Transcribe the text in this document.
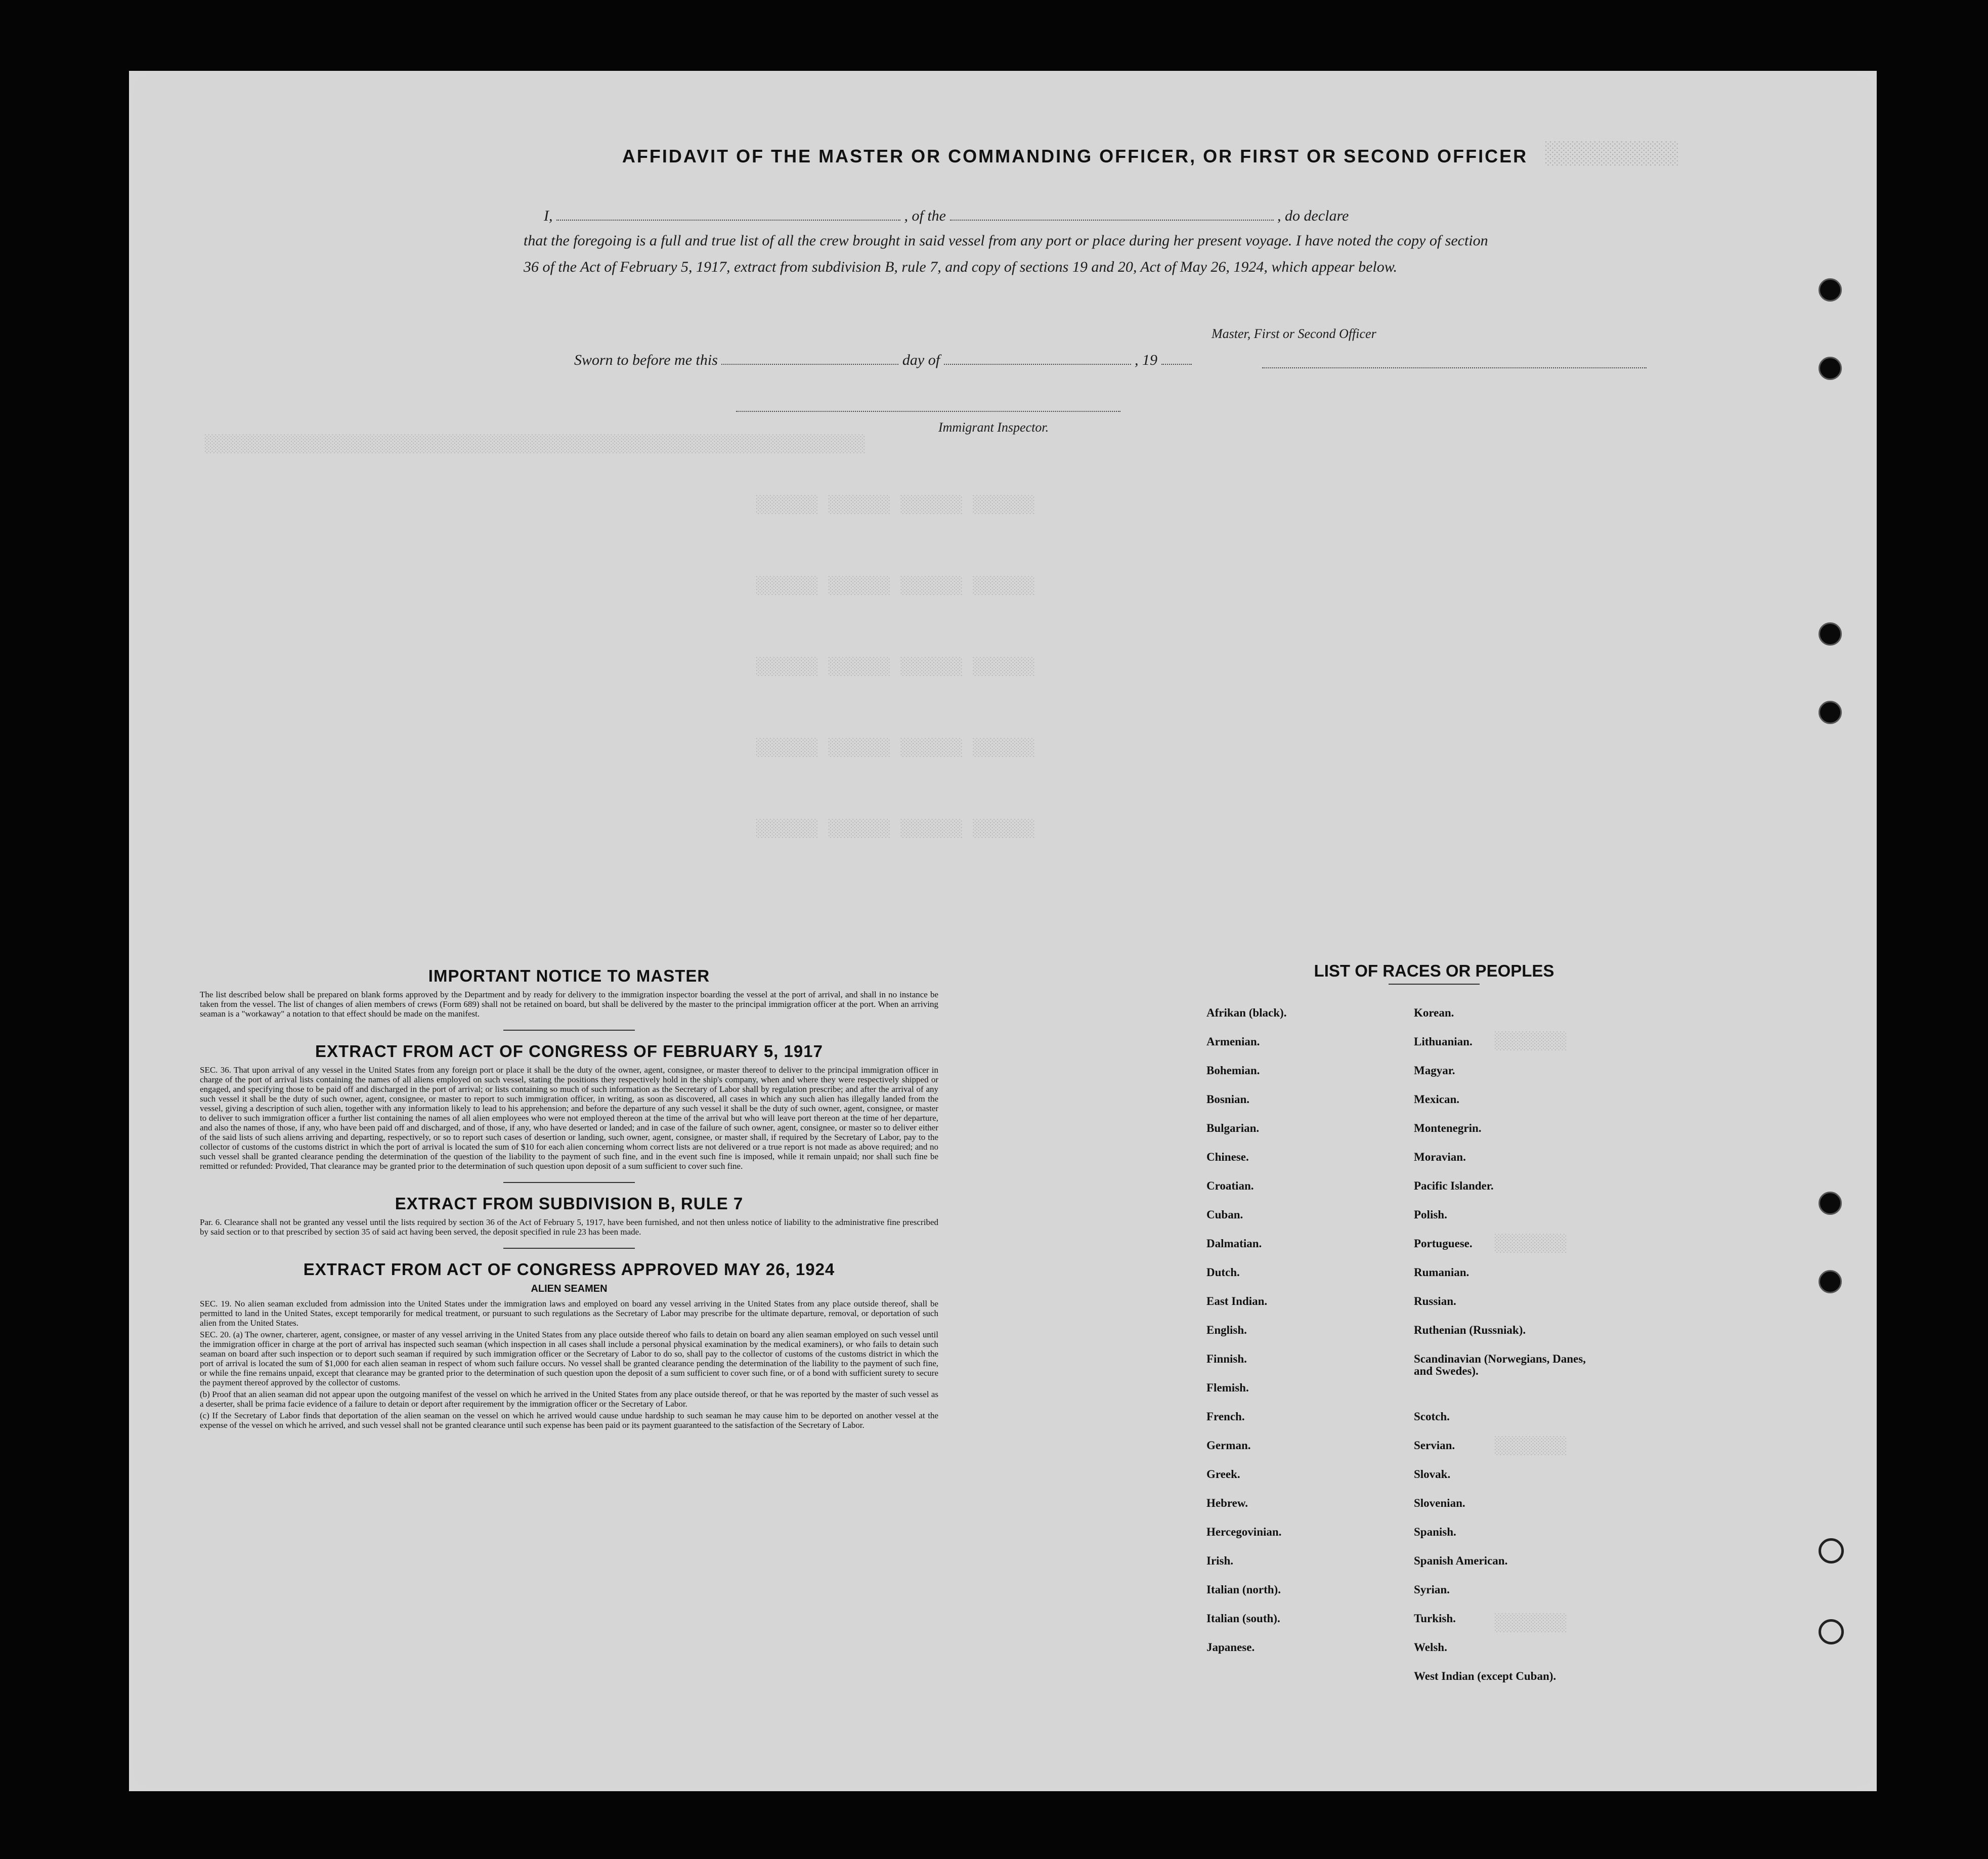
░░░░░░░░░░
░░░░░░░░░░░░░░░░░░░░░░░░░░░░░░░░░░░░░░░░░░░░░░░░░░░░░░░░░░░░░░░░
░░░░░░ ░░░░░░ ░░░░░░ ░░░░░░
░░░░░░ ░░░░░░ ░░░░░░ ░░░░░░
░░░░░░ ░░░░░░ ░░░░░░ ░░░░░░
░░░░░░ ░░░░░░ ░░░░░░ ░░░░░░
░░░░░░ ░░░░░░ ░░░░░░ ░░░░░░
░░░░░░░
░░░░░░░
░░░░░░░
░░░░░░░
AFFIDAVIT OF THE MASTER OR COMMANDING OFFICER, OR FIRST OR SECOND OFFICER
I,	, of the	, do declare
that the foregoing is a full and true list of all the crew brought in said vessel from any port or place during her present voyage. I have noted the copy of section 36 of the Act of February 5, 1917, extract from subdivision B, rule 7, and copy of sections 19 and 20, Act of May 26, 1924, which appear below.
Master, First or Second Officer
Sworn to before me this	day of	, 19
Immigrant Inspector.
IMPORTANT NOTICE TO MASTER

The list described below shall be prepared on blank forms approved by the Department and by ready for delivery to the immigration inspector boarding the vessel at the port of arrival, and shall in no instance be taken from the vessel. The list of changes of alien members of crews (Form 689) shall not be retained on board, but shall be delivered by the master to the principal immigration officer at the port. When an arriving seaman is a "workaway" a notation to that effect should be made on the manifest.

EXTRACT FROM ACT OF CONGRESS OF FEBRUARY 5, 1917

SEC. 36. That upon arrival of any vessel in the United States from any foreign port or place it shall be the duty of the owner, agent, consignee, or master thereof to deliver to the principal immigration officer in charge of the port of arrival lists containing the names of all aliens employed on such vessel, stating the positions they respectively hold in the ship's company, when and where they were respectively shipped or engaged, and specifying those to be paid off and discharged in the port of arrival; or lists containing so much of such information as the Secretary of Labor shall by regulation prescribe; and after the arrival of any such vessel it shall be the duty of such owner, agent, consignee, or master to report to such immigration officer, in writing, as soon as discovered, all cases in which any such alien has illegally landed from the vessel, giving a description of such alien, together with any information likely to lead to his apprehension; and before the departure of any such vessel it shall be the duty of such owner, agent, consignee, or master to deliver to such immigration officer a further list containing the names of all alien employees who were not employed thereon at the time of the arrival but who will leave port thereon at the time of her departure, and also the names of those, if any, who have been paid off and discharged, and of those, if any, who have deserted or landed; and in case of the failure of such owner, agent, consignee, or master so to deliver either of the said lists of such aliens arriving and departing, respectively, or so to report such cases of desertion or landing, such owner, agent, consignee, or master shall, if required by the Secretary of Labor, pay to the collector of customs of the customs district in which the port of arrival is located the sum of $10 for each alien concerning whom correct lists are not delivered or a true report is not made as above required; and no such vessel shall be granted clearance pending the determination of the question of the liability to the payment of such fine, and in the event such fine is imposed, while it remain unpaid; nor shall such fine be remitted or refunded: Provided, That clearance may be granted prior to the determination of such question upon deposit of a sum sufficient to cover such fine.

EXTRACT FROM SUBDIVISION B, RULE 7

Par. 6. Clearance shall not be granted any vessel until the lists required by section 36 of the Act of February 5, 1917, have been furnished, and not then unless notice of liability to the administrative fine prescribed by said section or to that prescribed by section 35 of said act having been served, the deposit specified in rule 23 has been made.

EXTRACT FROM ACT OF CONGRESS APPROVED MAY 26, 1924
ALIEN SEAMEN

SEC. 19. No alien seaman excluded from admission into the United States under the immigration laws and employed on board any vessel arriving in the United States from any place outside thereof, shall be permitted to land in the United States, except temporarily for medical treatment, or pursuant to such regulations as the Secretary of Labor may prescribe for the ultimate departure, removal, or deportation of such alien from the United States.

SEC. 20. (a) The owner, charterer, agent, consignee, or master of any vessel arriving in the United States from any place outside thereof who fails to detain on board any alien seaman employed on such vessel until the immigration officer in charge at the port of arrival has inspected such seaman (which inspection in all cases shall include a personal physical examination by the medical examiners), or who fails to detain such seaman on board after such inspection or to deport such seaman if required by such immigration officer or the Secretary of Labor to do so, shall pay to the collector of customs of the customs district in which the port of arrival is located the sum of $1,000 for each alien seaman in respect of whom such failure occurs. No vessel shall be granted clearance pending the determination of the liability to the payment of such fine, or while the fine remains unpaid, except that clearance may be granted prior to the determination of such question upon the deposit of a sum sufficient to cover such fine, or of a bond with sufficient surety to secure the payment thereof approved by the collector of customs.

(b) Proof that an alien seaman did not appear upon the outgoing manifest of the vessel on which he arrived in the United States from any place outside thereof, or that he was reported by the master of such vessel as a deserter, shall be prima facie evidence of a failure to detain or deport after requirement by the immigration officer or the Secretary of Labor.

(c) If the Secretary of Labor finds that deportation of the alien seaman on the vessel on which he arrived would cause undue hardship to such seaman he may cause him to be deported on another vessel at the expense of the vessel on which he arrived, and such vessel shall not be granted clearance until such expense has been paid or its payment guaranteed to the satisfaction of the Secretary of Labor.

LIST OF RACES OR PEOPLES
Afrikan (black).
Armenian.
Bohemian.
Bosnian.
Bulgarian.
Chinese.
Croatian.
Cuban.
Dalmatian.
Dutch.
East Indian.
English.
Finnish.
Flemish.
French.
German.
Greek.
Hebrew.
Hercegovinian.
Irish.
Italian (north).
Italian (south).
Japanese.
Korean.
Lithuanian.
Magyar.
Mexican.
Montenegrin.
Moravian.
Pacific Islander.
Polish.
Portuguese.
Rumanian.
Russian.
Ruthenian (Russniak).
Scandinavian (Norwegians, Danes, and Swedes).
Scotch.
Servian.
Slovak.
Slovenian.
Spanish.
Spanish American.
Syrian.
Turkish.
Welsh.
West Indian (except Cuban).
